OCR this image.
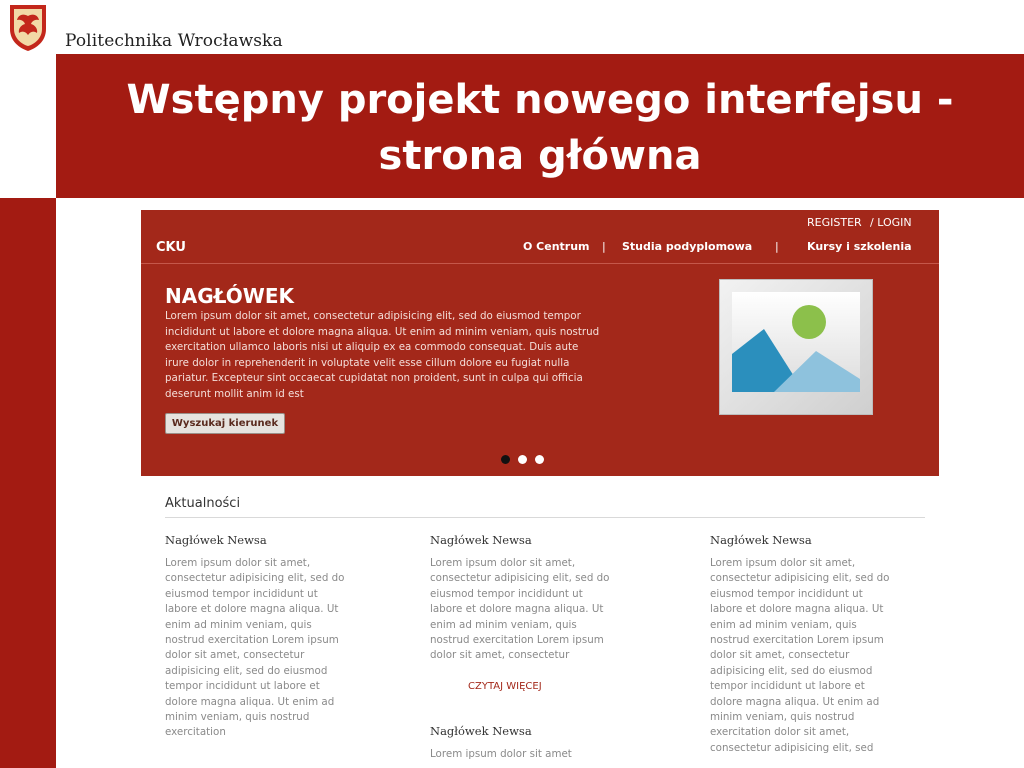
Politechnika Wrocławska
Wstępny projekt nowego interfejsu -
strona główna
REGISTER / LOGIN
CKU	O Centrum | Studia podyplomowa |	Kursy i szkolenia
NAGŁÓWEK

Lorem ipsum dolor sit amet, consectetur adipisicing elit, sed do eiusmod tempor incididunt ut labore et dolore magna aliqua. Ut enim ad minim veniam, quis nostrud exercitation ullamco laboris nisi ut aliquip ex ea commodo consequat. Duis aute irure dolor in reprehenderit in voluptate velit esse cillum dolore eu fugiat nulla pariatur. Excepteur sint occaecat cupidatat non proident, sunt in culpa qui officia deserunt mollit anim id est

Wyszukaj kierunek
Aktualności
Nagłówek Newsa

Lorem ipsum dolor sit amet, consectetur adipisicing elit, sed do eiusmod tempor incididunt ut labore et dolore magna aliqua. Ut enim ad minim veniam, quis nostrud exercitation Lorem ipsum dolor sit amet, consectetur adipisicing elit, sed do eiusmod tempor incididunt ut labore et dolore magna aliqua. Ut enim ad minim veniam, quis nostrud exercitation

Nagłówek Newsa

Lorem ipsum dolor sit amet, consectetur adipisicing elit, sed do eiusmod tempor incididunt ut labore et dolore magna aliqua. Ut enim ad minim veniam, quis nostrud exercitation Lorem ipsum dolor sit amet, consectetur

CZYTAJ WIĘCEJ
Nagłówek Newsa

Lorem ipsum dolor sit amet

Nagłówek Newsa

Lorem ipsum dolor sit amet, consectetur adipisicing elit, sed do eiusmod tempor incididunt ut labore et dolore magna aliqua. Ut enim ad minim veniam, quis nostrud exercitation Lorem ipsum dolor sit amet, consectetur adipisicing elit, sed do eiusmod tempor incididunt ut labore et dolore magna aliqua. Ut enim ad minim veniam, quis nostrud exercitation dolor sit amet, consectetur adipisicing elit, sed
